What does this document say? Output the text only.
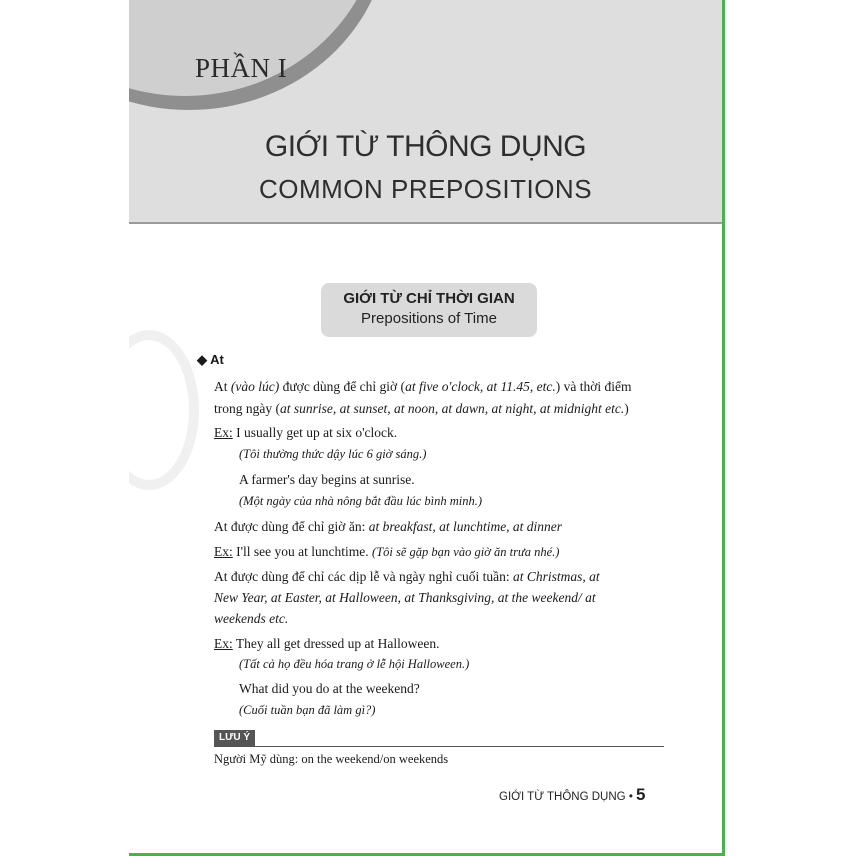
PHẦN I
GIỚI TỪ THÔNG DỤNG
COMMON PREPOSITIONS
GIỚI TỪ CHỈ THỜI GIAN
Prepositions of Time
◆ At
At (vào lúc) được dùng để chỉ giờ (at five o'clock, at 11.45, etc.) và thời điểm
trong ngày (at sunrise, at sunset, at noon, at dawn, at night, at midnight etc.)
Ex: I usually get up at six o'clock.
(Tôi thường thức dậy lúc 6 giờ sáng.)
A farmer's day begins at sunrise.
(Một ngày của nhà nông bắt đầu lúc bình minh.)
At được dùng để chỉ giờ ăn: at breakfast, at lunchtime, at dinner
Ex: I'll see you at lunchtime. (Tôi sẽ gặp bạn vào giờ ăn trưa nhé.)
At được dùng để chỉ các dịp lễ và ngày nghỉ cuối tuần: at Christmas, at
New Year, at Easter, at Halloween, at Thanksgiving, at the weekend/ at
weekends etc.
Ex: They all get dressed up at Halloween.
(Tất cả họ đều hóa trang ở lễ hội Halloween.)
What did you do at the weekend?
(Cuối tuần bạn đã làm gì?)
LƯU Ý
Người Mỹ dùng: on the weekend/on weekends
GIỚI TỪ THÔNG DỤNG • 5
